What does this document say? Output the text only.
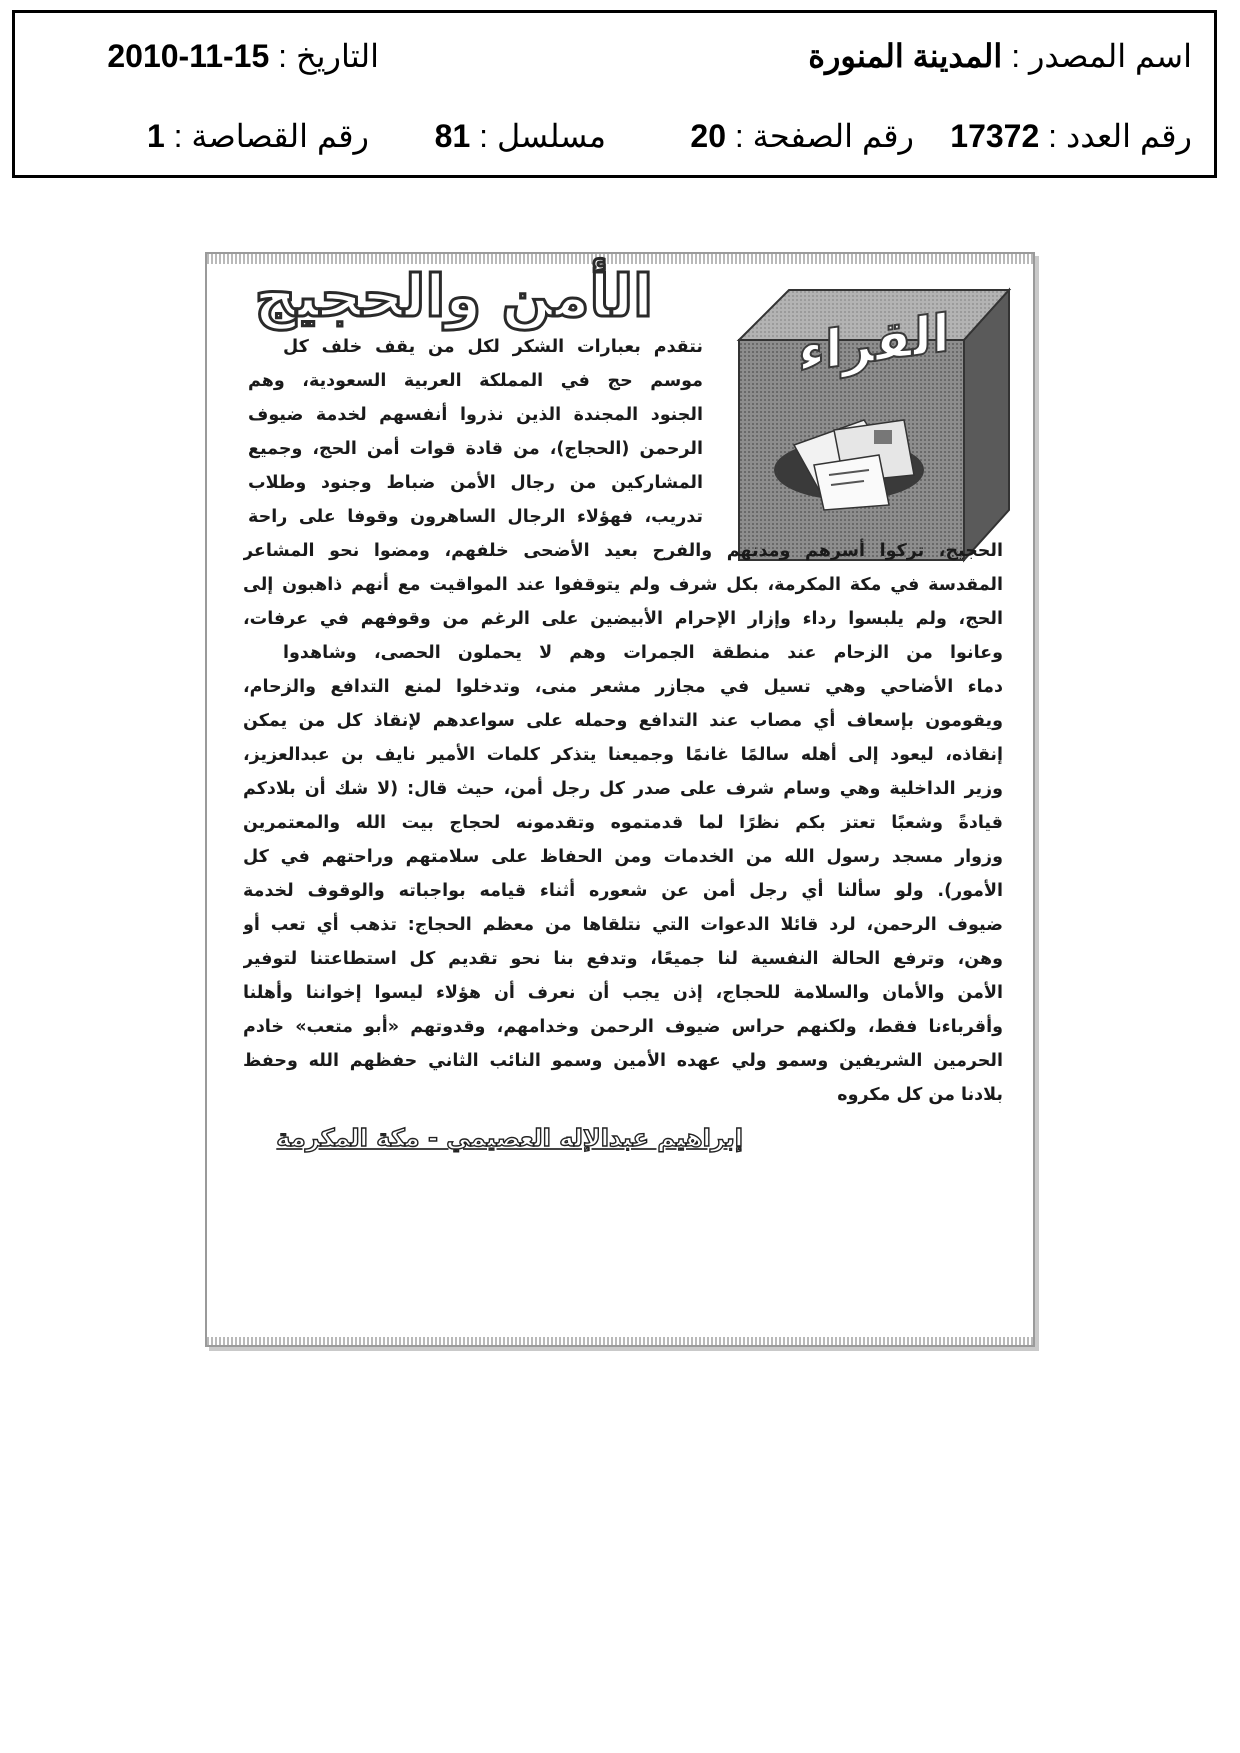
اسم المصدر : المدينة المنورة
التاريخ : 2010-11-15
رقم العدد : 17372
رقم الصفحة : 20
مسلسل : 81
رقم القصاصة : 1
القراء
الأمن والحجيج
نتقدم بعبارات الشكر لكل من يقف خلف كل
موسم حج في المملكة العربية السعودية، وهم
الجنود المجندة الذين نذروا أنفسهم لخدمة ضيوف
الرحمن (الحجاج)، من قادة قوات أمن الحج، وجميع
المشاركين من رجال الأمن ضباط وجنود وطلاب
تدريب، فهؤلاء الرجال الساهرون وقوفا على راحة
الحجيج، تركوا أسرهم ومدنهم والفرح بعيد الأضحى خلفهم، ومضوا نحو المشاعر
المقدسة في مكة المكرمة، بكل شرف ولم يتوقفوا عند المواقيت مع أنهم ذاهبون إلى
الحج، ولم يلبسوا رداء وإزار الإحرام الأبيضين على الرغم من وقوفهم في عرفات،
وعانوا من الزحام عند منطقة الجمرات وهم لا يحملون الحصى، وشاهدوا
دماء الأضاحي وهي تسيل في مجازر مشعر منى، وتدخلوا لمنع التدافع والزحام،
ويقومون بإسعاف أي مصاب عند التدافع وحمله على سواعدهم لإنقاذ كل من يمكن
إنقاذه، ليعود إلى أهله سالمًا غانمًا وجميعنا يتذكر كلمات الأمير نايف بن عبدالعزيز،
وزير الداخلية وهي وسام شرف على صدر كل رجل أمن، حيث قال: (لا شك أن بلادكم
قيادةً وشعبًا تعتز بكم نظرًا لما قدمتموه وتقدمونه لحجاج بيت الله والمعتمرين
وزوار مسجد رسول الله من الخدمات ومن الحفاظ على سلامتهم وراحتهم في كل
الأمور). ولو سألنا أي رجل أمن عن شعوره أثناء قيامه بواجباته والوقوف لخدمة
ضيوف الرحمن، لرد قائلا الدعوات التي نتلقاها من معظم الحجاج: تذهب أي تعب أو
وهن، وترفع الحالة النفسية لنا جميعًا، وتدفع بنا نحو تقديم كل استطاعتنا لتوفير
الأمن والأمان والسلامة للحجاج، إذن يجب أن نعرف أن هؤلاء ليسوا إخواننا وأهلنا
وأقرباءنا فقط، ولكنهم حراس ضيوف الرحمن وخدامهم، وقدوتهم «أبو متعب» خادم
الحرمين الشريفين وسمو ولي عهده الأمين وسمو النائب الثاني حفظهم الله وحفظ
بلادنا من كل مكروه
إبراهيم عبدالإله العصيمي - مكة المكرمة
